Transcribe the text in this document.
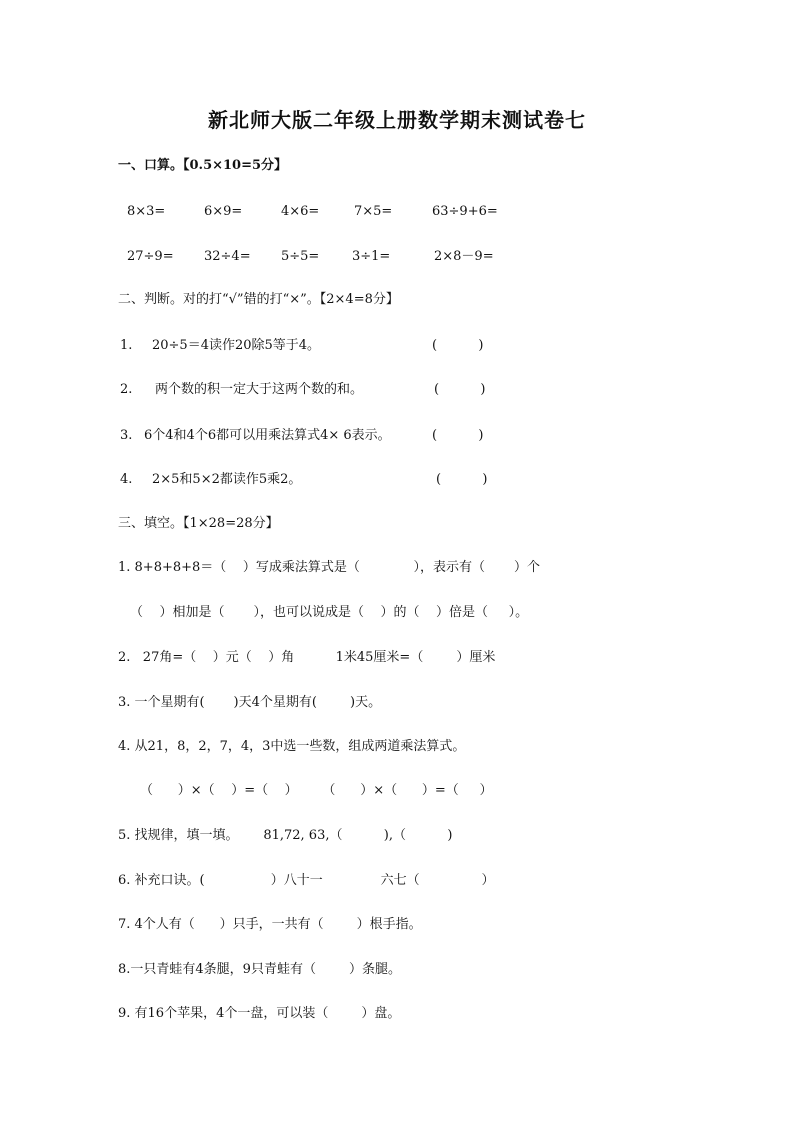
新北师大版二年级上册数学期末测试卷七
一、口算。【0.5×10=5分】
8×3=	6×9=	4×6=	7×5=	63÷9+6=
27÷9= 32÷4= 5÷5=	3÷1=	2×8－9=
二、判断。对的打“√”错的打“×”。【2×4=8分】
1. 20÷5＝4读作20除5等于4。	(          )
2. 两个数的积一定大于这两个数的和。	(          )
3. 6个4和4个6都可以用乘法算式4× 6表示。	(          )
4. 2×5和5×2都读作5乘2。	(          )
三、填空。【1×28=28分】
1. 8+8+8+8＝（    ）写成乘法算式是（             ），表示有（       ）个
（    ）相加是（       ），也可以说成是（    ）的（    ）倍是（     ）。
2.   27角=（    ）元（    ）角          1米45厘米=（        ）厘米
3. 一个星期有(       )天4个星期有(        )天。
4. 从21，8，2，7，4，3中选一些数，组成两道乘法算式。
（      ）×（    ）=（    ）      （      ）×（      ）=（     ）
5. 找规律，填一填。      81,72, 63,（          ),（          )
6. 补充口诀。(                ）八十一              六七（               ）
7. 4个人有（      ）只手，一共有（        ）根手指。
8.一只青蛙有4条腿，9只青蛙有（        ）条腿。
9. 有16个苹果，4个一盘，可以装（        ）盘。
